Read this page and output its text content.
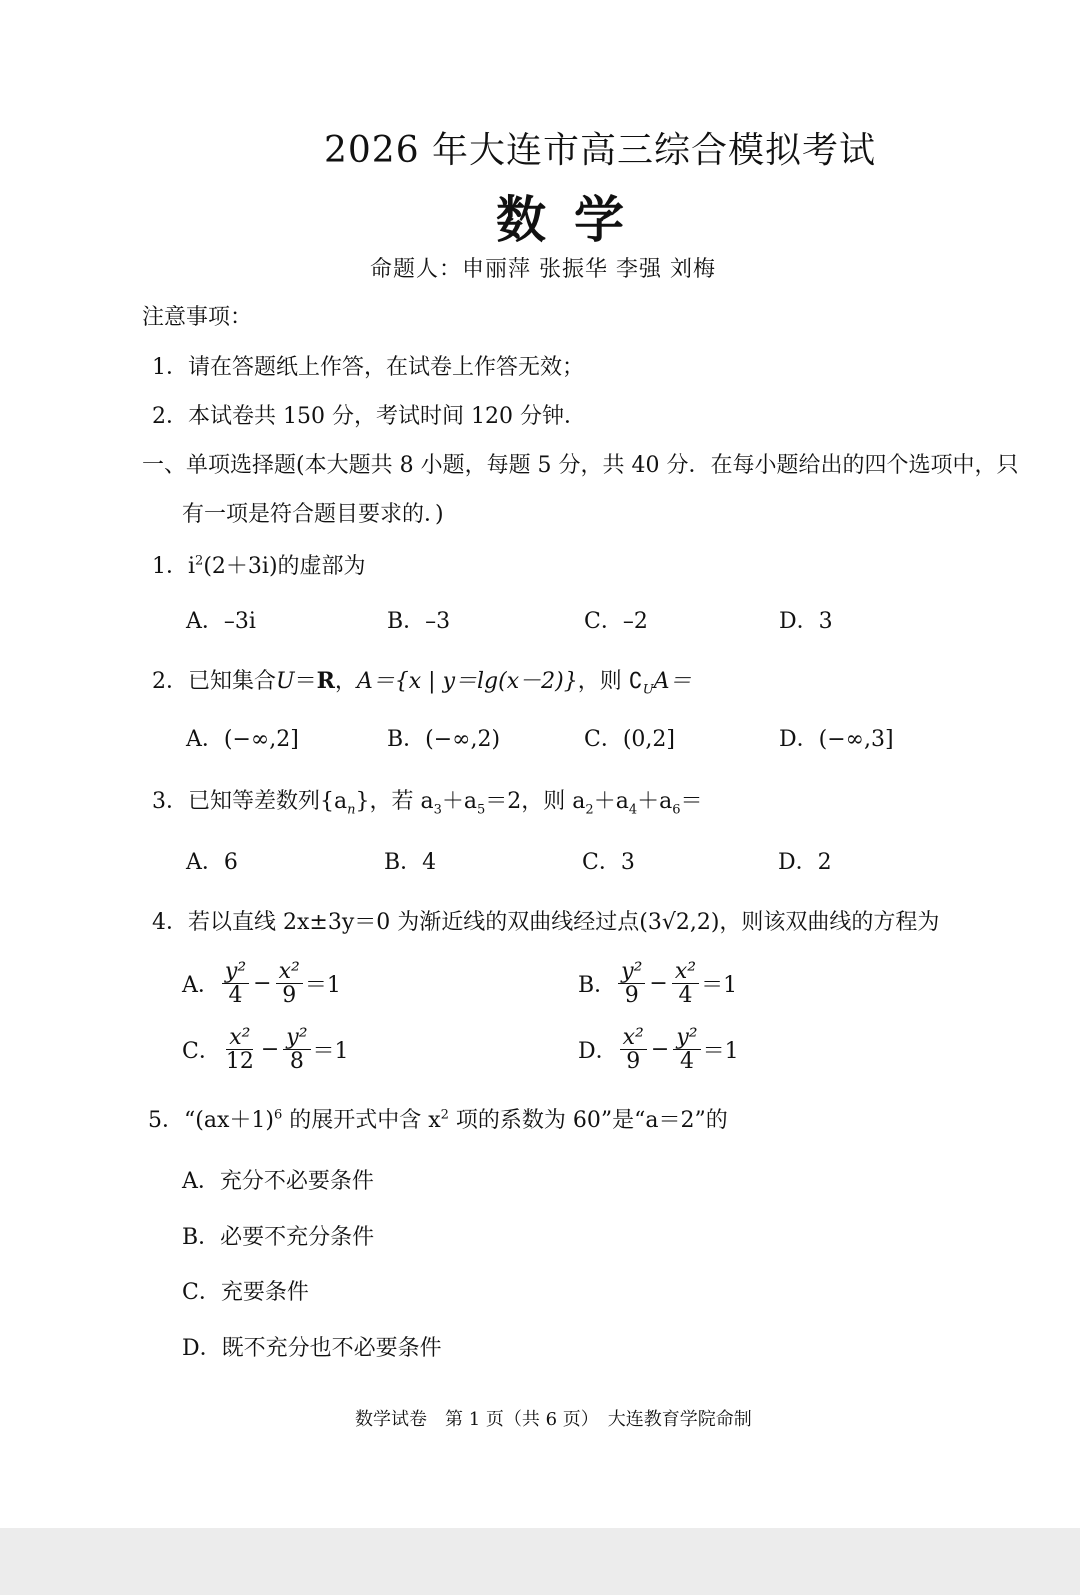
2026 年大连市高三综合模拟考试
数学
命题人：申丽萍 张振华 李强 刘梅
注意事项：
1．请在答题纸上作答，在试卷上作答无效；
2．本试卷共 150 分，考试时间 120 分钟．
一、单项选择题(本大题共 8 小题，每题 5 分，共 40 分．在每小题给出的四个选项中，只
有一项是符合题目要求的．)
1．$i^2(2+3i)$的虚部为
A．–3i	B．–3	C．–2	D．3
2．已知集合U＝R，A＝{x | y＝lg(x－2)}，则 $∁_UA=$
A．(−∞,2]	B．(−∞,2)	C．(0,2]	D．(−∞,3]
3．已知等差数列$\{a_n\}$，若 $a_3+a_5=2$，则 $a_2+a_4+a_6=$
A．6	B．4	C．3	D．2
4．若以直线 2x±3y＝0 为渐近线的双曲线经过点(3√2,2)，则该双曲线的方程为
A． $\frac{\text{y²}}{4} - \frac{\text{x²}}{9} =1$	B． $\frac{\text{y²}}{9} - \frac{\text{x²}}{4} =1$
C． $\frac{\text{x²}}{12} - \frac{\text{y²}}{8} =1$	D． $\frac{\text{x²}}{9} - \frac{\text{y²}}{4} =1$
5．“$(ax+1)^6$ 的展开式中含 $x^2$ 项的系数为 60”是“a＝2”的
A．充分不必要条件
B．必要不充分条件
C．充要条件
D．既不充分也不必要条件
数学试卷　第 1 页（共 6 页）　大连教育学院命制
